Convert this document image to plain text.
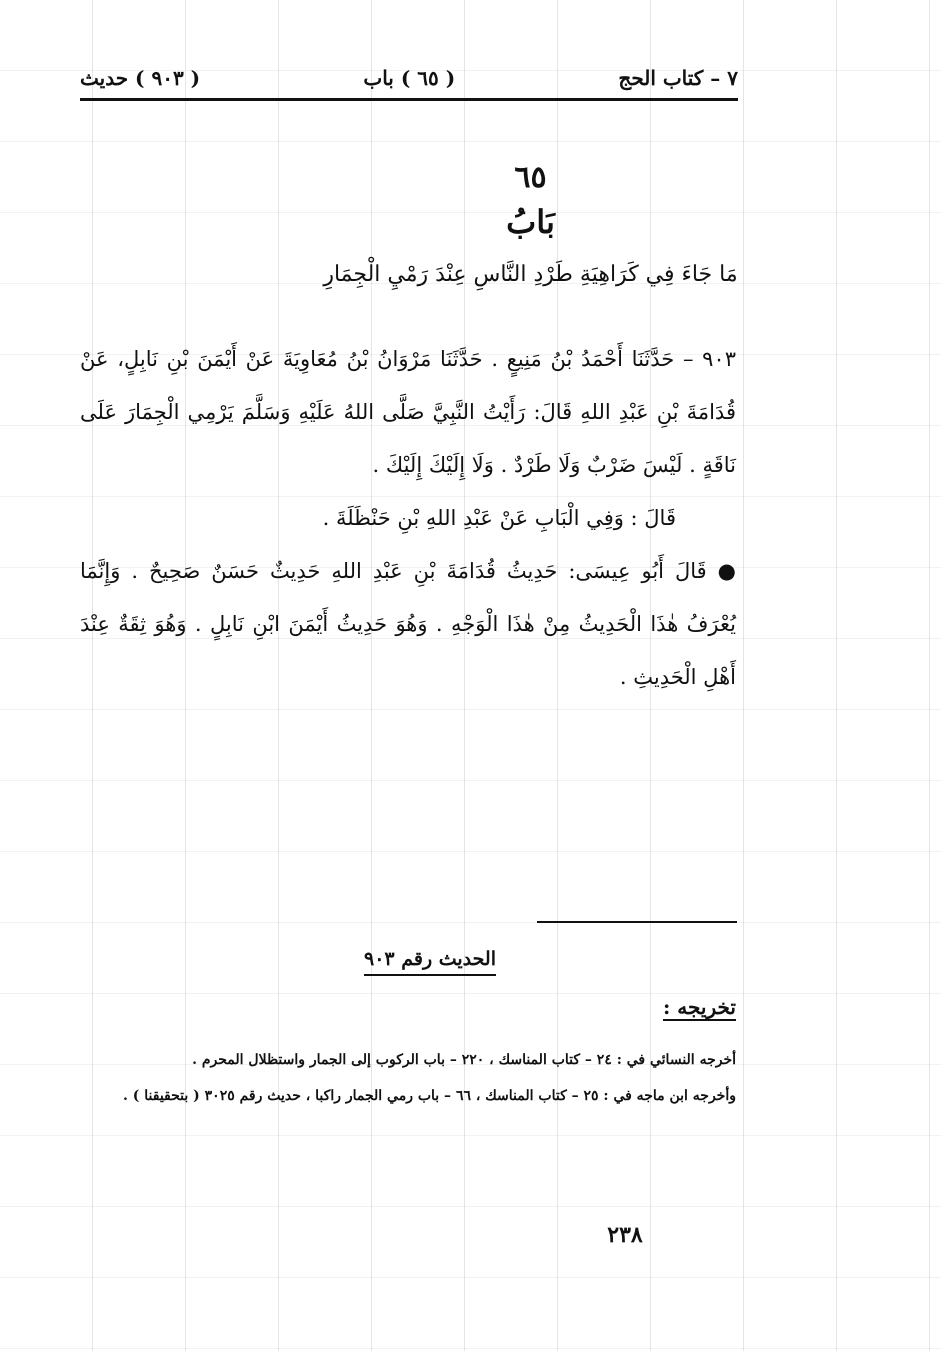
٧ – كتاب الحج
( ٦٥ ) باب
( ٩٠٣ ) حديث
٦٥
بَابُ
مَا جَاءَ فِي كَرَاهِيَةِ طَرْدِ النَّاسِ عِنْدَ رَمْيِ الْجِمَارِ

٩٠٣ – حَدَّثَنَا أَحْمَدُ بْنُ مَنِيعٍ . حَدَّثَنَا مَرْوَانُ بْنُ مُعَاوِيَةَ عَنْ أَيْمَنَ بْنِ نَابِلٍ، عَنْ قُدَامَةَ بْنِ عَبْدِ اللهِ قَالَ: رَأَيْتُ النَّبِيَّ صَلَّى اللهُ عَلَيْهِ وَسَلَّمَ يَرْمِي الْجِمَارَ عَلَى نَاقَةٍ . لَيْسَ ضَرْبٌ وَلَا طَرْدٌ . وَلَا إِلَيْكَ إِلَيْكَ .

قَالَ : وَفِي الْبَابِ عَنْ عَبْدِ اللهِ بْنِ حَنْظَلَةَ .

● قَالَ أَبُو عِيسَى: حَدِيثُ قُدَامَةَ بْنِ عَبْدِ اللهِ حَدِيثٌ حَسَنٌ صَحِيحٌ . وَإِنَّمَا يُعْرَفُ هٰذَا الْحَدِيثُ مِنْ هٰذَا الْوَجْهِ . وَهُوَ حَدِيثُ أَيْمَنَ ابْنِ نَابِلٍ . وَهُوَ ثِقَةٌ عِنْدَ أَهْلِ الْحَدِيثِ .

الحديث رقم ٩٠٣
تخريجه :

أخرجه النسائي في : ٢٤ – كتاب المناسك ، ٢٢٠ – باب الركوب إلى الجمار واستظلال المحرم .

وأخرجه ابن ماجه في : ٢٥ – كتاب المناسك ، ٦٦ – باب رمي الجمار راكبا ، حديث رقم ٣٠٢٥ ( بتحقيقنا ) .

٢٣٨
